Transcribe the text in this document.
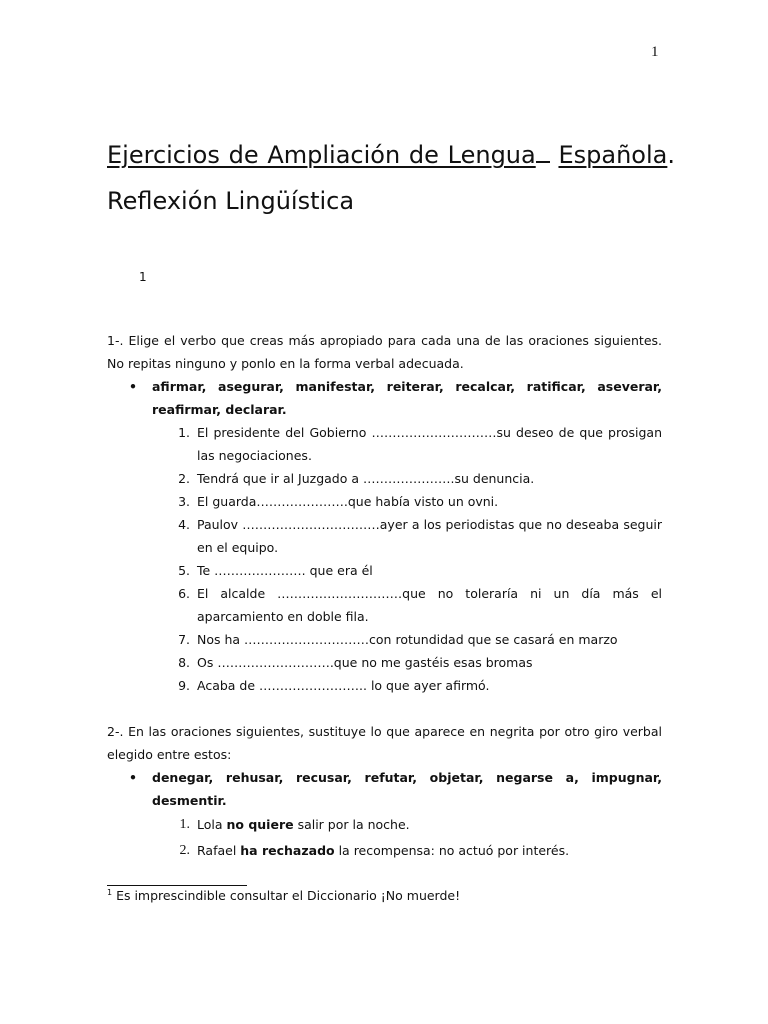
1
Ejercicios de Ampliación de Lengua Española. Reflexión Lingüística
1
1-. Elige el verbo que creas más apropiado para cada una de las oraciones siguientes. No repitas ninguno y ponlo en la forma verbal adecuada.
• afirmar, asegurar, manifestar, reiterar, recalcar, ratificar, aseverar, reafirmar, declarar.
1. El presidente del Gobierno …………………………su deseo de que prosigan las negociaciones.
2. Tendrá que ir al Juzgado a ………………….su denuncia.
3. El guarda………………….que había visto un ovni.
4. Paulov ……………………………ayer a los periodistas que no deseaba seguir en el equipo.
5. Te …………………. que era él
6. El alcalde …………………………que no toleraría ni un día más el aparcamiento en doble fila.
7. Nos ha …………………………con rotundidad que se casará en marzo
8. Os ……………………….que no me gastéis esas bromas
9. Acaba de …………………….. lo que ayer afirmó.
2-. En las oraciones siguientes, sustituye lo que aparece en negrita por otro giro verbal elegido entre estos:
• denegar, rehusar, recusar, refutar, objetar, negarse a, impugnar, desmentir.
1. Lola no quiere salir por la noche.
2. Rafael ha rechazado la recompensa: no actuó por interés.
$^1$ Es imprescindible consultar el Diccionario ¡No muerde!
